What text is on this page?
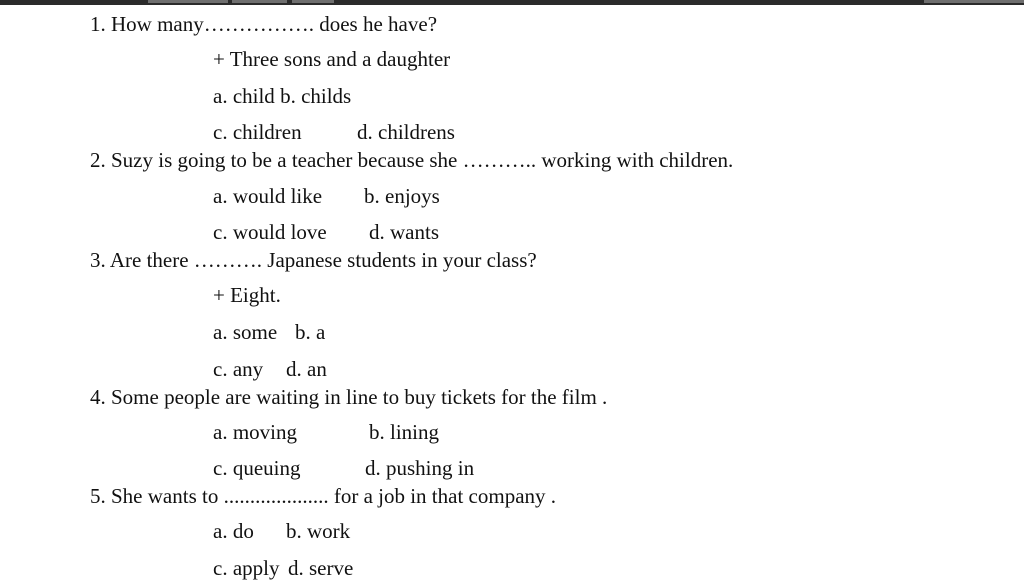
1. How many……………. does he have?
+ Three sons and a daughter
a. child b. childs
c. children	d. childrens
2. Suzy is going to be a teacher because she ……….. working with children.
a. would like b. enjoys
c. would love d. wants
3. Are there ………. Japanese students in your class?
+ Eight.
a. some b. a
c. any d. an
4. Some people are waiting in line to buy tickets for the film .
a. moving	b. lining
c. queuing	d. pushing in
5. She wants to .................... for a job in that company .
a. do b. work
c. apply d. serve
